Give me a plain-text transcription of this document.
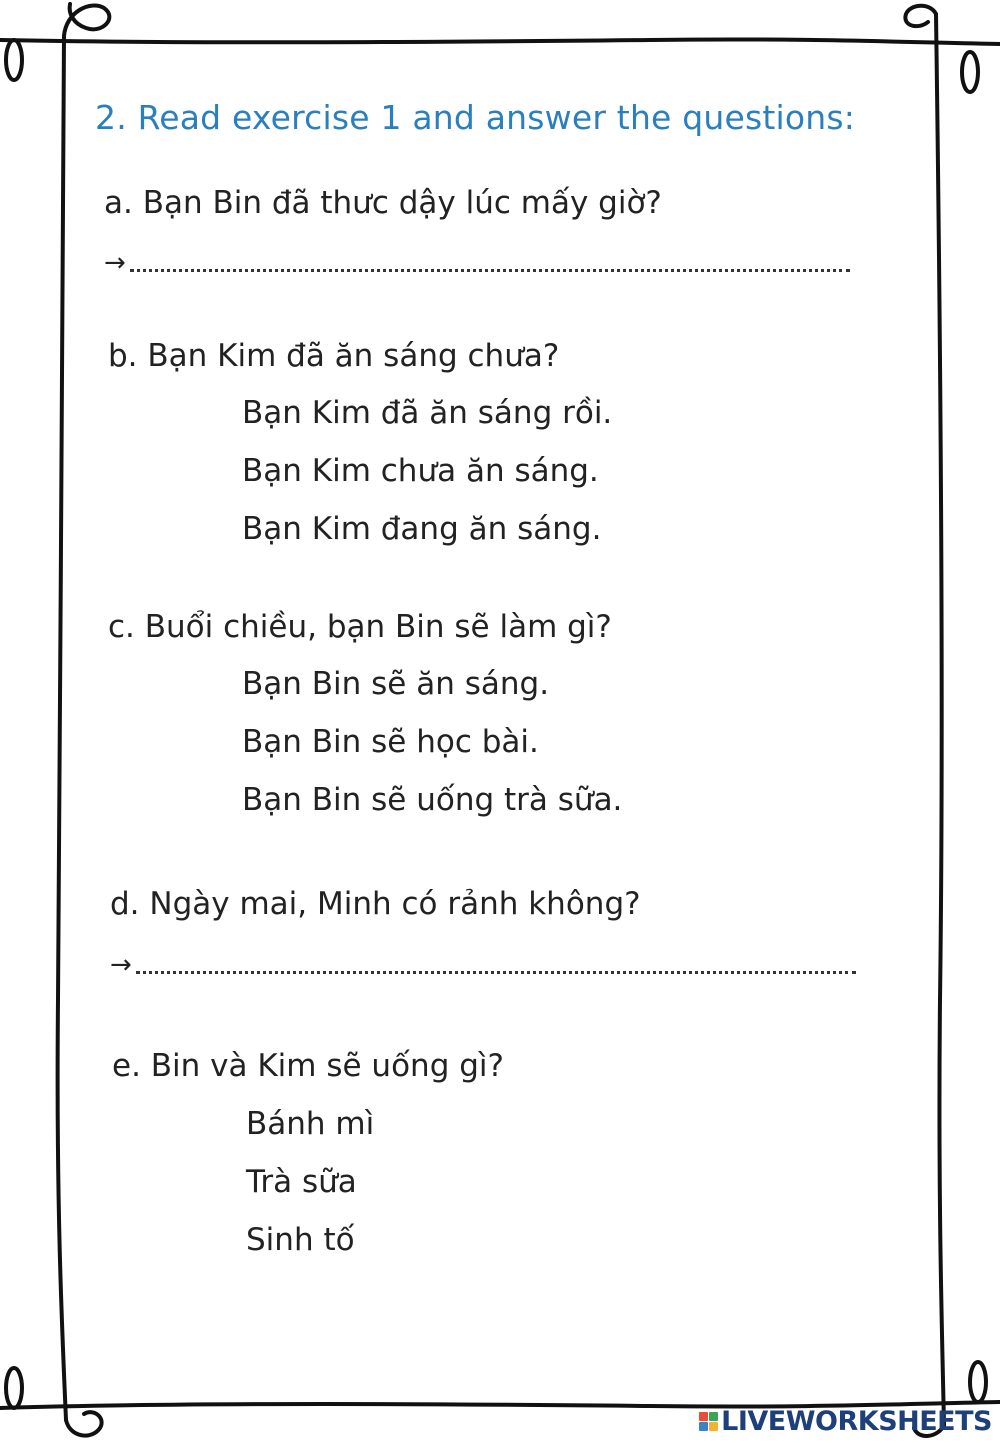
2. Read exercise 1 and answer the questions:
a. Bạn Bin đã thưc dậy lúc mấy giờ?
→
b. Bạn Kim đã ăn sáng chưa?
Bạn Kim đã ăn sáng rồi.
Bạn Kim chưa ăn sáng.
Bạn Kim đang ăn sáng.
c. Buổi chiều, bạn Bin sẽ làm gì?
Bạn Bin sẽ ăn sáng.
Bạn Bin sẽ học bài.
Bạn Bin sẽ uống trà sữa.
d. Ngày mai, Minh có rảnh không?
→
e. Bin và Kim sẽ uống gì?
Bánh mì
Trà sữa
Sinh tố
LIVEWORKSHEETS
